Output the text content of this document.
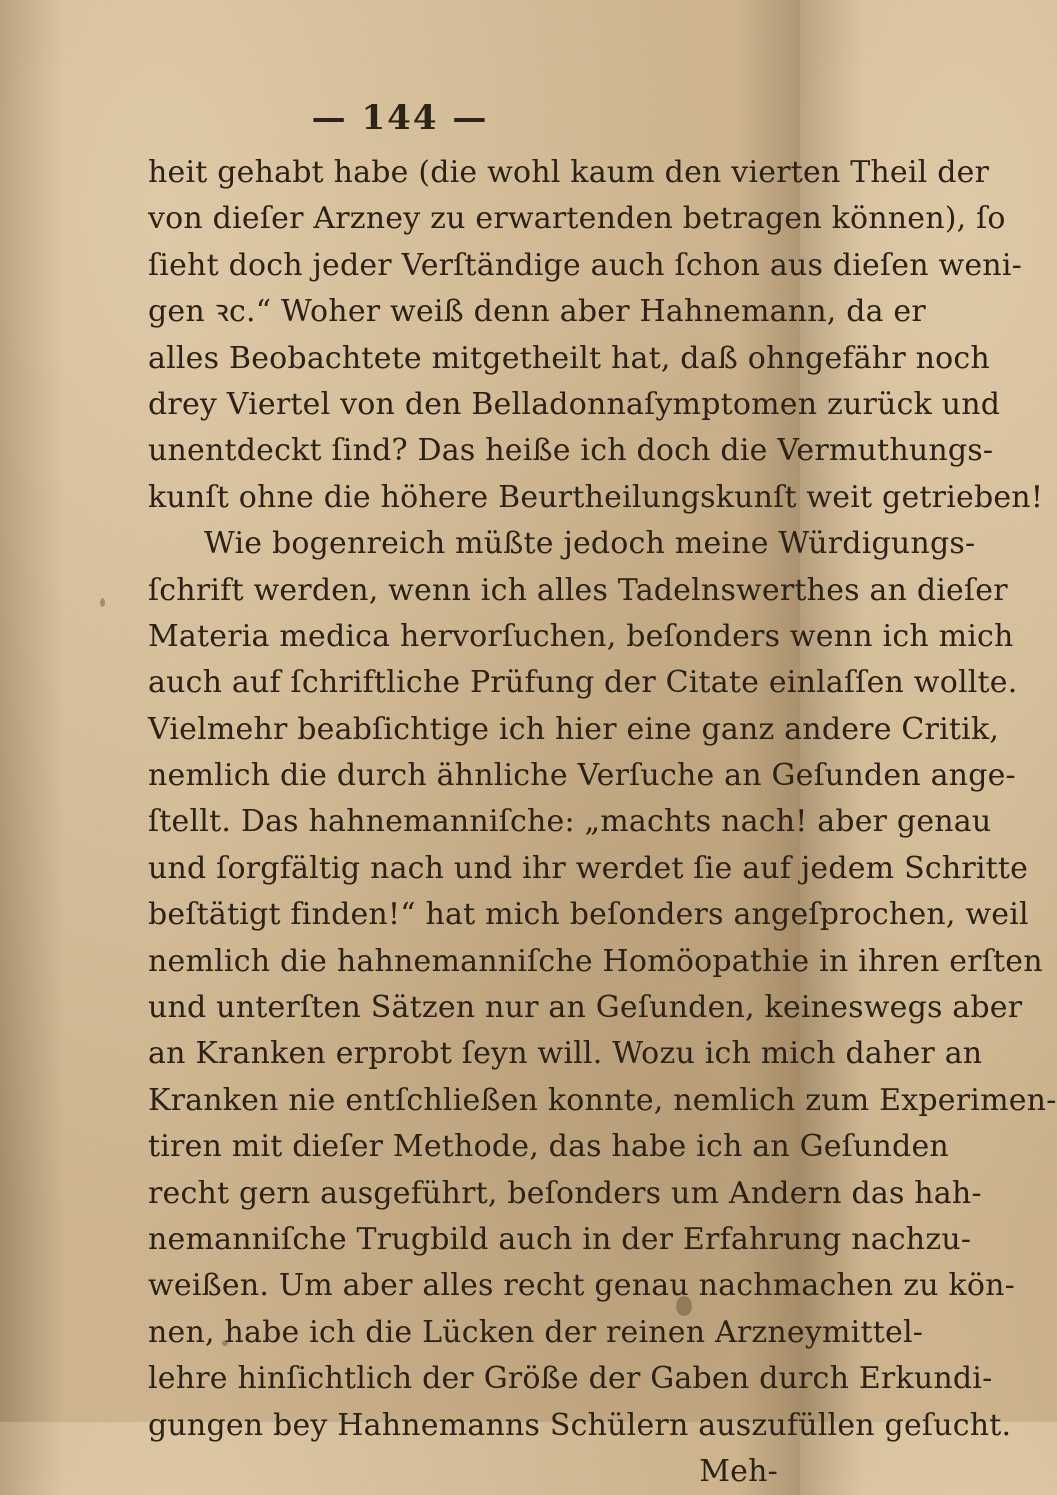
— 144 —
heit gehabt habe (die wohl kaum den vierten Theil der
von dieſer Arzney zu erwartenden betragen können), ſo
ſieht doch jeder Verſtändige auch ſchon aus dieſen weni-
gen ꝛc.“ Woher weiß denn aber Hahnemann, da er
alles Beobachtete mitgetheilt hat, daß ohngefähr noch
drey Viertel von den Belladonnaſymptomen zurück und
unentdeckt ſind? Das heiße ich doch die Vermuthungs-
kunſt ohne die höhere Beurtheilungskunſt weit getrieben!
Wie bogenreich müßte jedoch meine Würdigungs-
ſchrift werden, wenn ich alles Tadelnswerthes an dieſer
Materia medica hervorſuchen, beſonders wenn ich mich
auch auf ſchriftliche Prüfung der Citate einlaſſen wollte.
Vielmehr beabſichtige ich hier eine ganz andere Critik,
nemlich die durch ähnliche Verſuche an Geſunden ange-
ſtellt. Das hahnemanniſche: „machts nach! aber genau
und ſorgfältig nach und ihr werdet ſie auf jedem Schritte
beſtätigt finden!“ hat mich beſonders angeſprochen, weil
nemlich die hahnemanniſche Homöopathie in ihren erſten
und unterſten Sätzen nur an Geſunden, keineswegs aber
an Kranken erprobt ſeyn will. Wozu ich mich daher an
Kranken nie entſchließen konnte, nemlich zum Experimen-
tiren mit dieſer Methode, das habe ich an Geſunden
recht gern ausgeführt, beſonders um Andern das hah-
nemanniſche Trugbild auch in der Erfahrung nachzu-
weißen. Um aber alles recht genau nachmachen zu kön-
nen, habe ich die Lücken der reinen Arzneymittel-
lehre hinſichtlich der Größe der Gaben durch Erkundi-
gungen bey Hahnemanns Schülern auszufüllen geſucht.
Meh-
